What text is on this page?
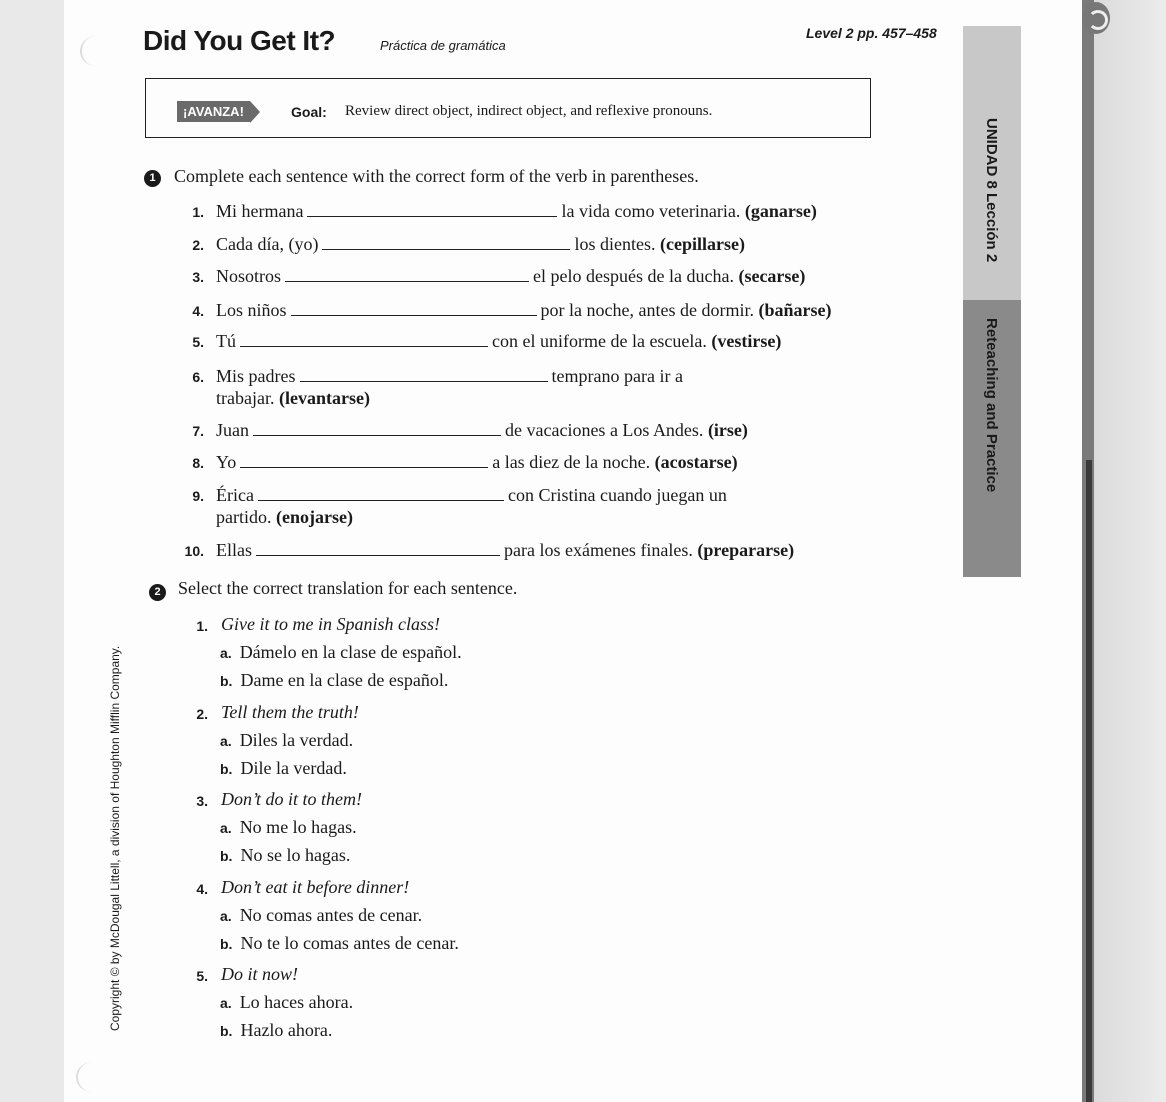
Did You Get It?	Práctica de gramática
Level 2 pp. 457–458
¡AVANZA!	Goal: Review direct object, indirect object, and reflexive pronouns.
UNIDAD 8 Lección 2
Reteaching and Practice
Copyright © by McDougal Littell, a division of Houghton Mifflin Company.
1	Complete each sentence with the correct form of the verb in parentheses.
1. Mi hermana	la vida como veterinaria. (ganarse)
2. Cada día, (yo)	los dientes. (cepillarse)
3. Nosotros	el pelo después de la ducha. (secarse)
4. Los niños	por la noche, antes de dormir. (bañarse)
5. Tú	con el uniforme de la escuela. (vestirse)
6. Mis padres	temprano para ir a
trabajar. (levantarse)
7. Juan	de vacaciones a Los Andes. (irse)
8. Yo	a las diez de la noche. (acostarse)
9. Érica	con Cristina cuando juegan un
partido. (enojarse)
10. Ellas	para los exámenes finales. (prepararse)
2 Select the correct translation for each sentence.
1. Give it to me in Spanish class!
a. Dámelo en la clase de español.
b. Dame en la clase de español.
2. Tell them the truth!
a. Diles la verdad.
b. Dile la verdad.
3. Don’t do it to them!
a. No me lo hagas.
b. No se lo hagas.
4. Don’t eat it before dinner!
a. No comas antes de cenar.
b. No te lo comas antes de cenar.
5. Do it now!
a. Lo haces ahora.
b. Hazlo ahora.
